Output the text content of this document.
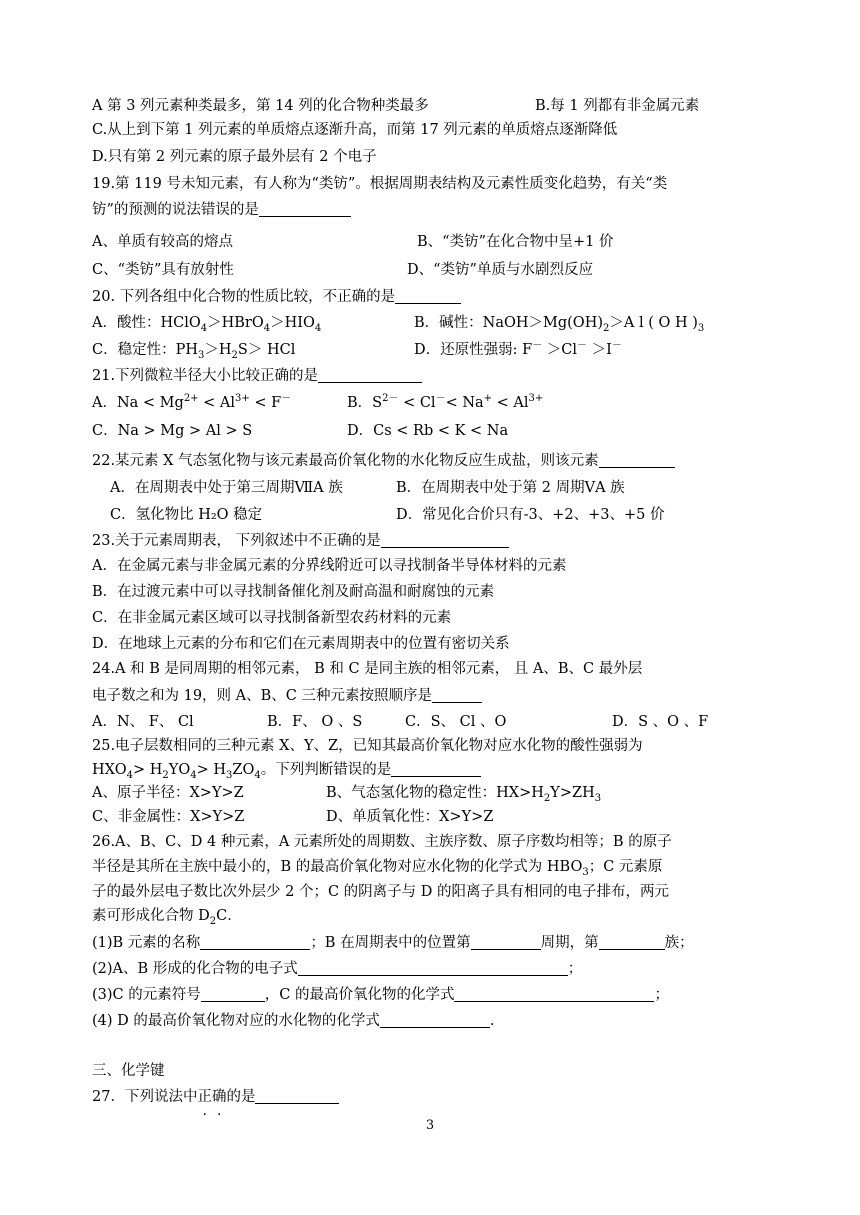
A 第 3 列元素种类最多，第 14 列的化合物种类最多	B.每 1 列都有非金属元素
C.从上到下第 1 列元素的单质熔点逐渐升高，而第 17 列元素的单质熔点逐渐降低
D.只有第 2 列元素的原子最外层有 2 个电子
19.第 119 号未知元素，有人称为“类钫”。根据周期表结构及元素性质变化趋势，有关“类
钫”的预测的说法错误的是
A、单质有较高的熔点	B、“类钫”在化合物中呈+1 价
C、“类钫”具有放射性	D、“类钫”单质与水剧烈反应
20. 下列各组中化合物的性质比较，不正确的是
A．酸性：$HClO_4>HBrO_4>HIO_4$	B．碱性：$NaOH>Mg(OH)_2>A$ l ( O H )$_3$
C．稳定性：$PH_3>H_2S>$ HCl	D．还原性强弱: F－ ＞Cl－ ＞I－
21.下列微粒半径大小比较正确的是
A．$Na < Mg^{2+} < Al^{3+} < F^-$	B．$S^{2-} < Cl^-< Na^+ < Al^{3+}$
C．Na > Mg > Al > S	D．Cs < Rb < K < Na
22.某元素 X 气态氢化物与该元素最高价氧化物的水化物反应生成盐，则该元素
A．在周期表中处于第三周期ⅦA 族	B．在周期表中处于第 2 周期ⅤA 族
C．氢化物比 H₂O 稳定	D．常见化合价只有-3、+2、+3、+5 价
23.关于元素周期表， 下列叙述中不正确的是
A．在金属元素与非金属元素的分界线附近可以寻找制备半导体材料的元素
B．在过渡元素中可以寻找制备催化剂及耐高温和耐腐蚀的元素
C．在非金属元素区域可以寻找制备新型农药材料的元素
D．在地球上元素的分布和它们在元素周期表中的位置有密切关系
24.A 和 B 是同周期的相邻元素， B 和 C 是同主族的相邻元素， 且 A、B、C 最外层
电子数之和为 19，则 A、B、C 三种元素按照顺序是
A．N、 F、 Cl	B．F、 O 、S	C．S、 Cl 、O	D．S 、O 、F
25.电子层数相同的三种元素 X、Y、Z，已知其最高价氧化物对应水化物的酸性强弱为
$HXO_4> H_2YO_4> H_3ZO_4$。下列判断错误的是
A、原子半径：X>Y>Z	B、气态氢化物的稳定性：$HX>H_2Y>ZH_3$
C、非金属性：X>Y>Z	D、单质氧化性：X>Y>Z
26.A、B、C、D 4 种元素，A 元素所处的周期数、主族序数、原子序数均相等；B 的原子
半径是其所在主族中最小的，B 的最高价氧化物对应水化物的化学式为 $HBO_3$；C 元素原
子的最外层电子数比次外层少 2 个；C 的阴离子与 D 的阳离子具有相同的电子排布，两元
素可形成化合物 $D_2C$．
(1)B 元素的名称	；B 在周期表中的位置第	周期，第	族；
(2)A、B 形成的化合物的电子式	；
(3)C 的元素符号	，C 的最高价氧化物的化学式	；
(4) D 的最高价氧化物对应的水化物的化学式	.
三、化学键
27．下列说法中正确的是
3
